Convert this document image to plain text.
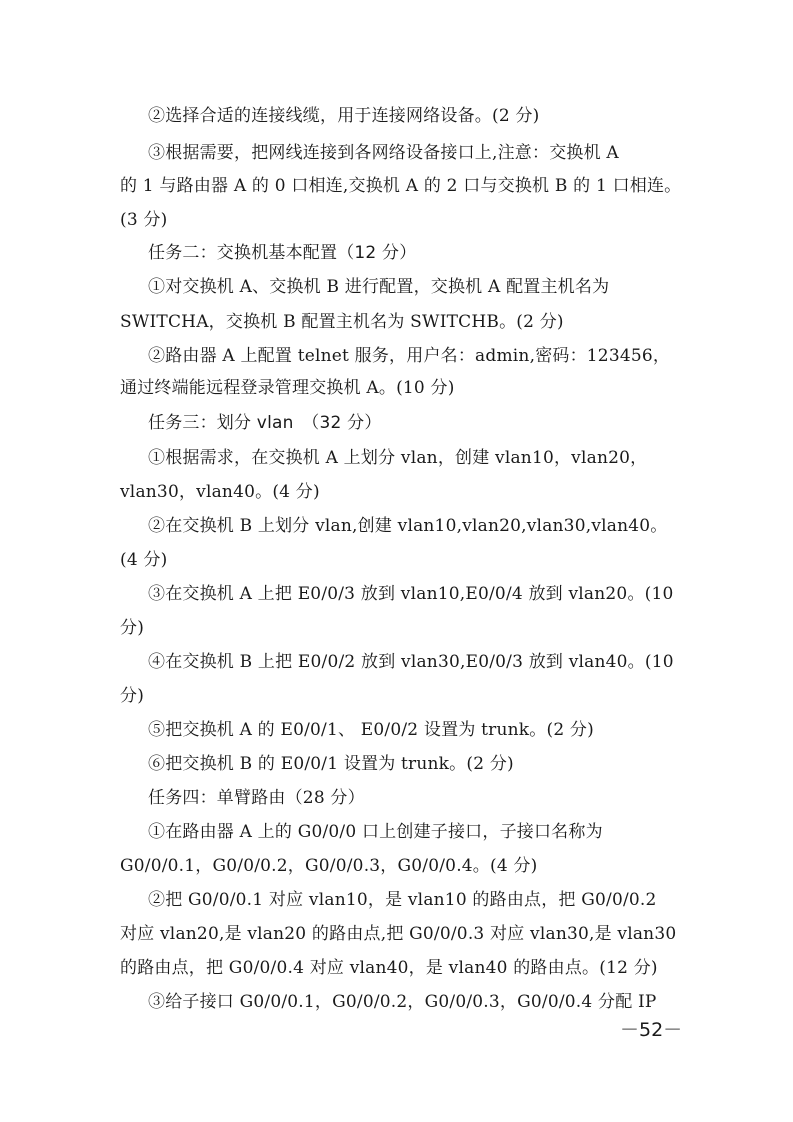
②选择合适的连接线缆，用于连接网络设备。(2 分)
③根据需要，把网线连接到各网络设备接口上,注意：交换机 A
的 1 与路由器 A 的 0 口相连,交换机 A 的 2 口与交换机 B 的 1 口相连。
(3 分)
任务二：交换机基本配置（12 分）
①对交换机 A、交换机 B 进行配置，交换机 A 配置主机名为
SWITCHA，交换机 B 配置主机名为 SWITCHB。(2 分)
②路由器 A 上配置 telnet 服务，用户名：admin,密码：123456，
通过终端能远程登录管理交换机 A。(10 分)
任务三：划分 vlan　（32 分）
①根据需求，在交换机 A 上划分 vlan，创建 vlan10，vlan20，
vlan30，vlan40。(4 分)
②在交换机 B 上划分 vlan,创建 vlan10,vlan20,vlan30,vlan40。
(4 分)
③在交换机 A 上把 E0/0/3 放到 vlan10,E0/0/4 放到 vlan20。(10
分)
④在交换机 B 上把 E0/0/2 放到 vlan30,E0/0/3 放到 vlan40。(10
分)
⑤把交换机 A 的 E0/0/1、 E0/0/2 设置为 trunk。(2 分)
⑥把交换机 B 的 E0/0/1 设置为 trunk。(2 分)
任务四：单臂路由（28 分）
①在路由器 A 上的 G0/0/0 口上创建子接口，子接口名称为
G0/0/0.1，G0/0/0.2，G0/0/0.3，G0/0/0.4。(4 分)
②把 G0/0/0.1 对应 vlan10，是 vlan10 的路由点，把 G0/0/0.2
对应 vlan20,是 vlan20 的路由点,把 G0/0/0.3 对应 vlan30,是 vlan30
的路由点，把 G0/0/0.4 对应 vlan40，是 vlan40 的路由点。(12 分)
③给子接口 G0/0/0.1，G0/0/0.2，G0/0/0.3，G0/0/0.4 分配 IP
－52－
